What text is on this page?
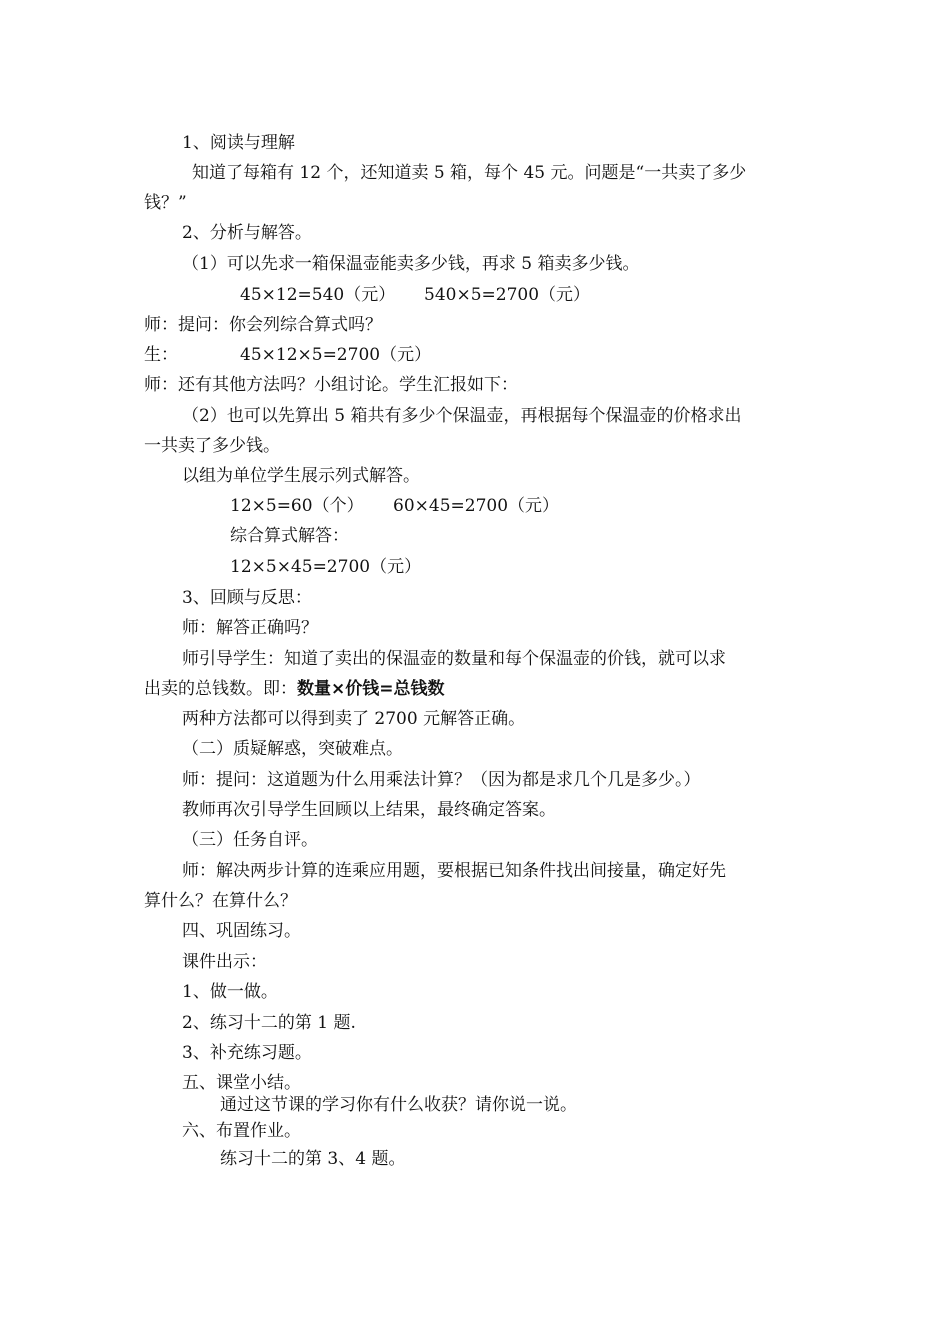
1、阅读与理解
知道了每箱有 12 个，还知道卖 5 箱，每个 45 元。问题是“一共卖了多少
钱？”
2、分析与解答。
（1）可以先求一箱保温壶能卖多少钱，再求 5 箱卖多少钱。
45×12=540（元） 540×5=2700（元）
师：提问：你会列综合算式吗？
生：	45×12×5=2700（元）
师：还有其他方法吗？小组讨论。学生汇报如下：
（2）也可以先算出 5 箱共有多少个保温壶，再根据每个保温壶的价格求出
一共卖了多少钱。
以组为单位学生展示列式解答。
12×5=60（个） 60×45=2700（元）
综合算式解答：
12×5×45=2700（元）
3、回顾与反思：
师：解答正确吗？
师引导学生：知道了卖出的保温壶的数量和每个保温壶的价钱，就可以求
出卖的总钱数。即：数量×价钱=总钱数
两种方法都可以得到卖了 2700 元解答正确。
（二）质疑解惑，突破难点。
师：提问：这道题为什么用乘法计算？（因为都是求几个几是多少。）
教师再次引导学生回顾以上结果，最终确定答案。
（三）任务自评。
师：解决两步计算的连乘应用题，要根据已知条件找出间接量，确定好先
算什么？在算什么？
四、巩固练习。
课件出示：
1、做一做。
2、练习十二的第 1 题.
3、补充练习题。
五、课堂小结。
通过这节课的学习你有什么收获？请你说一说。
六、布置作业。
练习十二的第 3、4 题。
